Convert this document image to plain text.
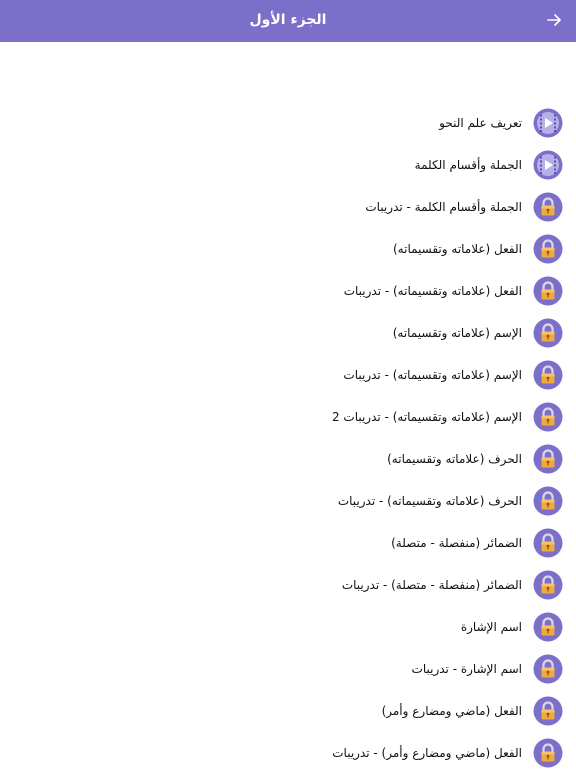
الجزء الأول
تعريف علم النحو
الجملة وأقسام الكلمة
الجملة وأقسام الكلمة - تدريبات
الفعل (علاماته وتقسيماته)
الفعل (علاماته وتقسيماته) - تدريبات
الإسم (علاماته وتقسيماته)
الإسم (علاماته وتقسيماته) - تدريبات
الإسم (علاماته وتقسيماته) - تدريبات 2
الحرف (علاماته وتقسيماته)
الحرف (علاماته وتقسيماته) - تدريبات
الضمائر (منفصلة - متصلة)
الضمائر (منفصلة - متصلة) - تدريبات
اسم الإشارة
اسم الإشارة - تدريبات
الفعل (ماضي ومضارع وأمر)
الفعل (ماضي ومضارع وأمر) - تدريبات
